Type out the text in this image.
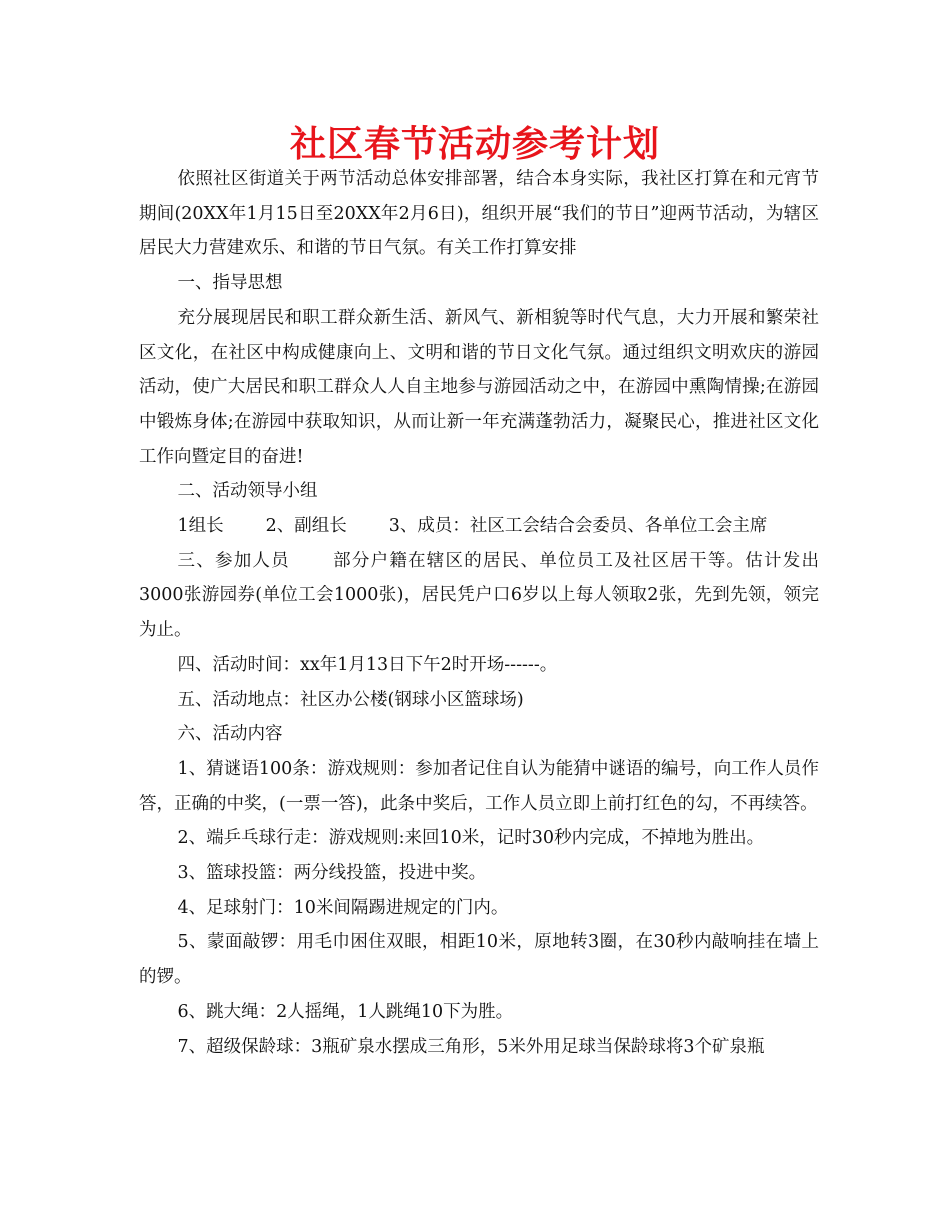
社区春节活动参考计划

依照社区街道关于两节活动总体安排部署，结合本身实际，我社区打算在和元宵节期间(20XX年1月15日至20XX年2月6日)，组织开展“我们的节日”迎两节活动，为辖区居民大力营建欢乐、和谐的节日气氛。有关工作打算安排

一、指导思想

充分展现居民和职工群众新生活、新风气、新相貌等时代气息，大力开展和繁荣社区文化，在社区中构成健康向上、文明和谐的节日文化气氛。通过组织文明欢庆的游园活动，使广大居民和职工群众人人自主地参与游园活动之中，在游园中熏陶情操;在游园中锻炼身体;在游园中获取知识，从而让新一年充满蓬勃活力，凝聚民心，推进社区文化工作向暨定目的奋进!

二、活动领导小组

1组长 2、副组长 3、成员：社区工会结合会委员、各单位工会主席

三、参加人员 部分户籍在辖区的居民、单位员工及社区居干等。估计发出3000张游园券(单位工会1000张)，居民凭户口6岁以上每人领取2张，先到先领，领完为止。

四、活动时间：xx年1月13日下午2时开场------。

五、活动地点：社区办公楼(钢球小区篮球场)

六、活动内容

1、猜谜语100条：游戏规则：参加者记住自认为能猜中谜语的编号，向工作人员作答，正确的中奖，(一票一答)，此条中奖后，工作人员立即上前打红色的勾，不再续答。

2、端乒乓球行走：游戏规则:来回10米，记时30秒内完成，不掉地为胜出。

3、篮球投篮：两分线投篮，投进中奖。

4、足球射门：10米间隔踢进规定的门内。

5、蒙面敲锣：用毛巾困住双眼，相距10米，原地转3圈，在30秒内敲响挂在墙上的锣。

6、跳大绳：2人摇绳，1人跳绳10下为胜。

7、超级保龄球：3瓶矿泉水摆成三角形，5米外用足球当保龄球将3个矿泉瓶
